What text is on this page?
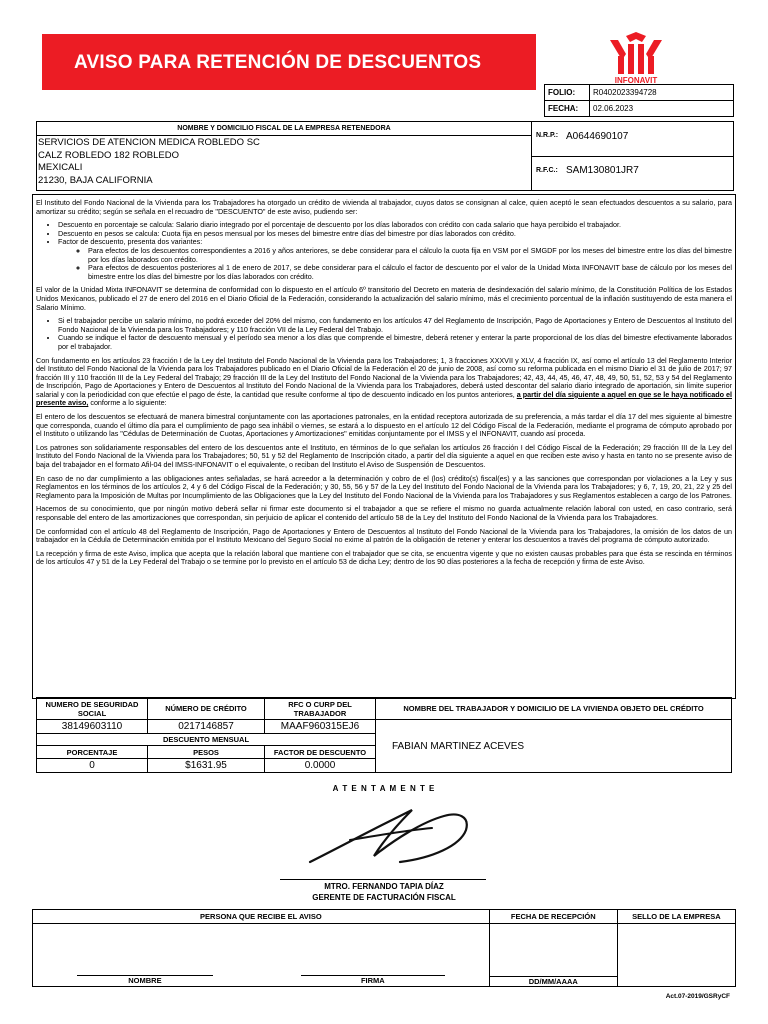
AVISO PARA RETENCIÓN DE DESCUENTOS
INFONAVIT
FOLIO:	R0402023394728
FECHA:	02.06.2023
NOMBRE Y DOMICILIO FISCAL DE LA EMPRESA RETENEDORA
SERVICIOS DE ATENCION MEDICA ROBLEDO SC
CALZ ROBLEDO 182 ROBLEDO
MEXICALI
21230, BAJA CALIFORNIA
N.R.P.: A0644690107
R.F.C.: SAM130801JR7

El Instituto del Fondo Nacional de la Vivienda para los Trabajadores ha otorgado un crédito de vivienda al trabajador, cuyos datos se consignan al calce, quien aceptó le sean efectuados descuentos a su salario, para amortizar su crédito; según se señala en el recuadro de "DESCUENTO" de este aviso, pudiendo ser:

• Descuento en porcentaje se calcula: Salario diario integrado por el porcentaje de descuento por los días laborados con crédito con cada salario que haya percibido el trabajador.
• Descuento en pesos se calcula: Cuota fija en pesos mensual por los meses del bimestre entre días del bimestre por días laborados con crédito.
• Factor de descuento, presenta dos variantes:
◦ Para efectos de los descuentos correspondientes a 2016 y años anteriores, se debe considerar para el cálculo la cuota fija en VSM por el SMGDF por los meses del bimestre entre los días del bimestre por los días laborados con crédito.
◦ Para efectos de descuentos posteriores al 1 de enero de 2017, se debe considerar para el cálculo el factor de descuento por el valor de la Unidad Mixta INFONAVIT base de cálculo por los meses del bimestre entre los días del bimestre por los días laborados con crédito.

El valor de la Unidad Mixta INFONAVIT se determina de conformidad con lo dispuesto en el artículo 6º transitorio del Decreto en materia de desindexación del salario mínimo, de la Constitución Política de los Estados Unidos Mexicanos, publicado el 27 de enero del 2016 en el Diario Oficial de la Federación, considerando la actualización del salario mínimo, más el crecimiento porcentual de la inflación sustituyendo de esta manera el Salario Mínimo.

• Si el trabajador percibe un salario mínimo, no podrá exceder del 20% del mismo, con fundamento en los artículos 47 del Reglamento de Inscripción, Pago de Aportaciones y Entero de Descuentos al Instituto del Fondo Nacional de la Vivienda para los Trabajadores; y 110 fracción VII de la Ley Federal del Trabajo.
• Cuando se indique el factor de descuento mensual y el período sea menor a los días que comprende el bimestre, deberá retener y enterar la parte proporcional de los días del bimestre efectivamente laborados por el trabajador.

Con fundamento en los artículos 23 fracción I de la Ley del Instituto del Fondo Nacional de la Vivienda para los Trabajadores; 1, 3 fracciones XXXVII y XLV, 4 fracción IX, así como el artículo 13 del Reglamento Interior del Instituto del Fondo Nacional de la Vivienda para los Trabajadores publicado en el Diario Oficial de la Federación el 20 de junio de 2008, así como su reforma publicada en el mismo Diario el 31 de julio de 2017; 97 fracción III y 110 fracción III de la Ley Federal del Trabajo; 29 fracción III de la Ley del Instituto del Fondo Nacional de la Vivienda para los Trabajadores; 42, 43, 44, 45, 46, 47, 48, 49, 50, 51, 52, 53 y 54 del Reglamento de Inscripción, Pago de Aportaciones y Entero de Descuentos al Instituto del Fondo Nacional de la Vivienda para los Trabajadores, deberá usted descontar del salario diario integrado de aportación, sin límite superior salarial y con la periodicidad con que efectúe el pago de éste, la cantidad que resulte conforme al tipo de descuento indicado en los puntos anteriores, a partir del día siguiente a aquel en que se le haya notificado el presente aviso, conforme a lo siguiente:

El entero de los descuentos se efectuará de manera bimestral conjuntamente con las aportaciones patronales, en la entidad receptora autorizada de su preferencia, a más tardar el día 17 del mes siguiente al bimestre que corresponda, cuando el último día para el cumplimiento de pago sea inhábil o viernes, se estará a lo dispuesto en el artículo 12 del Código Fiscal de la Federación, mediante el programa de cómputo aprobado por el Instituto o utilizando las "Cédulas de Determinación de Cuotas, Aportaciones y Amortizaciones" emitidas conjuntamente por el IMSS y el INFONAVIT, cuando así proceda.

Los patrones son solidariamente responsables del entero de los descuentos ante el Instituto, en términos de lo que señalan los artículos 26 fracción I del Código Fiscal de la Federación; 29 fracción III de la Ley del Instituto del Fondo Nacional de la Vivienda para los Trabajadores; 50, 51 y 52 del Reglamento de Inscripción citado, a partir del día siguiente a aquel en que reciben este aviso y hasta en tanto no se presente aviso de baja del trabajador en el formato Afil-04 del IMSS-INFONAVIT o el equivalente, o reciban del Instituto el Aviso de Suspensión de Descuentos.

En caso de no dar cumplimiento a las obligaciones antes señaladas, se hará acreedor a la determinación y cobro de el (los) crédito(s) fiscal(es) y a las sanciones que correspondan por violaciones a la Ley y sus Reglamentos en los términos de los artículos 2, 4 y 6 del Código Fiscal de la Federación; y 30, 55, 56 y 57 de la Ley del Instituto del Fondo Nacional de la Vivienda para los Trabajadores; y 6, 7, 19, 20, 21, 22 y 25 del Reglamento para la Imposición de Multas por Incumplimiento de las Obligaciones que la Ley del Instituto del Fondo Nacional de la Vivienda para los Trabajadores y sus Reglamentos establecen a cargo de los Patrones.

Hacemos de su conocimiento, que por ningún motivo deberá sellar ni firmar este documento si el trabajador a que se refiere el mismo no guarda actualmente relación laboral con usted, en caso contrario, será responsable del entero de las amortizaciones que correspondan, sin perjuicio de aplicar el contenido del artículo 58 de la Ley del Instituto del Fondo Nacional de la Vivienda para los Trabajadores.

De conformidad con el artículo 48 del Reglamento de Inscripción, Pago de Aportaciones y Entero de Descuentos al Instituto del Fondo Nacional de la Vivienda para los Trabajadores, la omisión de los datos de un trabajador en la Cédula de Determinación emitida por el Instituto Mexicano del Seguro Social no exime al patrón de la obligación de retener y enterar los descuentos a través del programa de cómputo autorizado.

La recepción y firma de este Aviso, implica que acepta que la relación laboral que mantiene con el trabajador que se cita, se encuentra vigente y que no existen causas probables para que ésta se rescinda en términos de los artículos 47 y 51 de la Ley Federal del Trabajo o se termine por lo previsto en el artículo 53 de dicha Ley; dentro de los 90 días posteriores a la fecha de recepción y firma de este Aviso.

NUMERO DE SEGURIDAD SOCIAL	NÚMERO DE CRÉDITO	RFC O CURP DEL TRABAJADOR	NOMBRE DEL TRABAJADOR Y DOMICILIO DE LA VIVIENDA OBJETO DEL CRÉDITO
38149603110	0217146857	MAAF960315EJ6	FABIAN MARTINEZ ACEVES
DESCUENTO MENSUAL			
PORCENTAJE	PESOS	FACTOR DE DESCUENTO	
0	$1631.95	0.0000	
A T E N T A M E N T E
MTRO. FERNANDO TAPIA DÍAZ
GERENTE DE FACTURACIÓN FISCAL
PERSONA QUE RECIBE EL AVISO	FECHA DE RECEPCIÓN	SELLO DE LA EMPRESA

NOMBRE FIRMA	DD/MM/AAAA	

Act.07-2019/GSRyCF
